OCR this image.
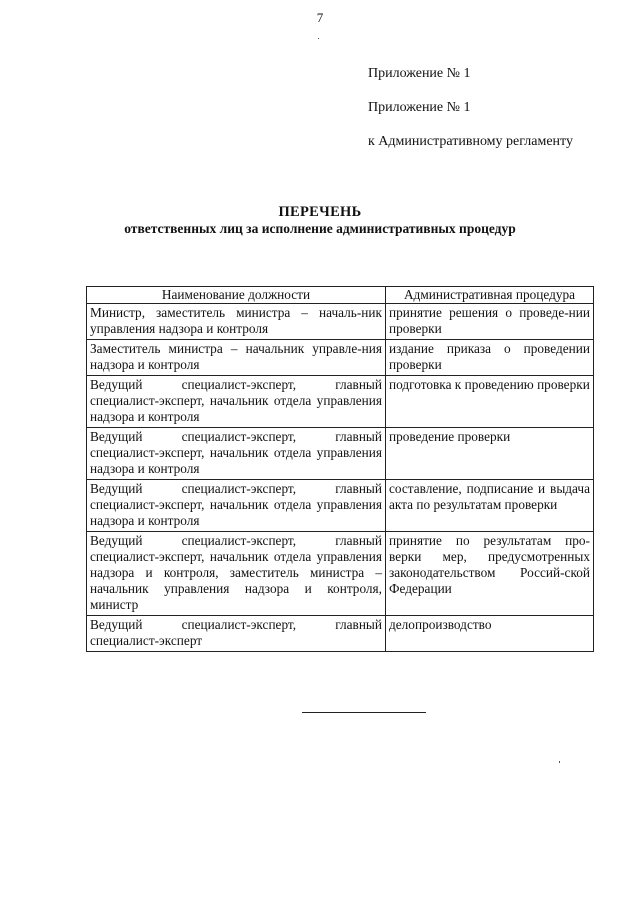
7
Приложение № 1
Приложение № 1
к Административному регламенту
ПЕРЕЧЕНЬ
ответственных лиц за исполнение административных процедур
Наименование должности	Административная процедура
Министр, заместитель министра – началь-ник управления надзора и контроля	принятие решения о проведе-нии проверки
Заместитель министра – начальник управле-ния надзора и контроля	издание приказа о проведении проверки
Ведущий специалист-эксперт, главный специалист-эксперт, начальник отдела управления надзора и контроля	подготовка к проведению проверки
Ведущий специалист-эксперт, главный специалист-эксперт, начальник отдела управления надзора и контроля	проведение проверки
Ведущий специалист-эксперт, главный специалист-эксперт, начальник отдела управления надзора и контроля	составление, подписание и выдача акта по результатам проверки
Ведущий специалист-эксперт, главный специалист-эксперт, начальник отдела управления надзора и контроля, заместитель министра – начальник управления надзора и контроля, министр	принятие по результатам про-верки мер, предусмотренных законодательством Россий-ской Федерации
Ведущий специалист-эксперт, главный специалист-эксперт	делопроизводство
